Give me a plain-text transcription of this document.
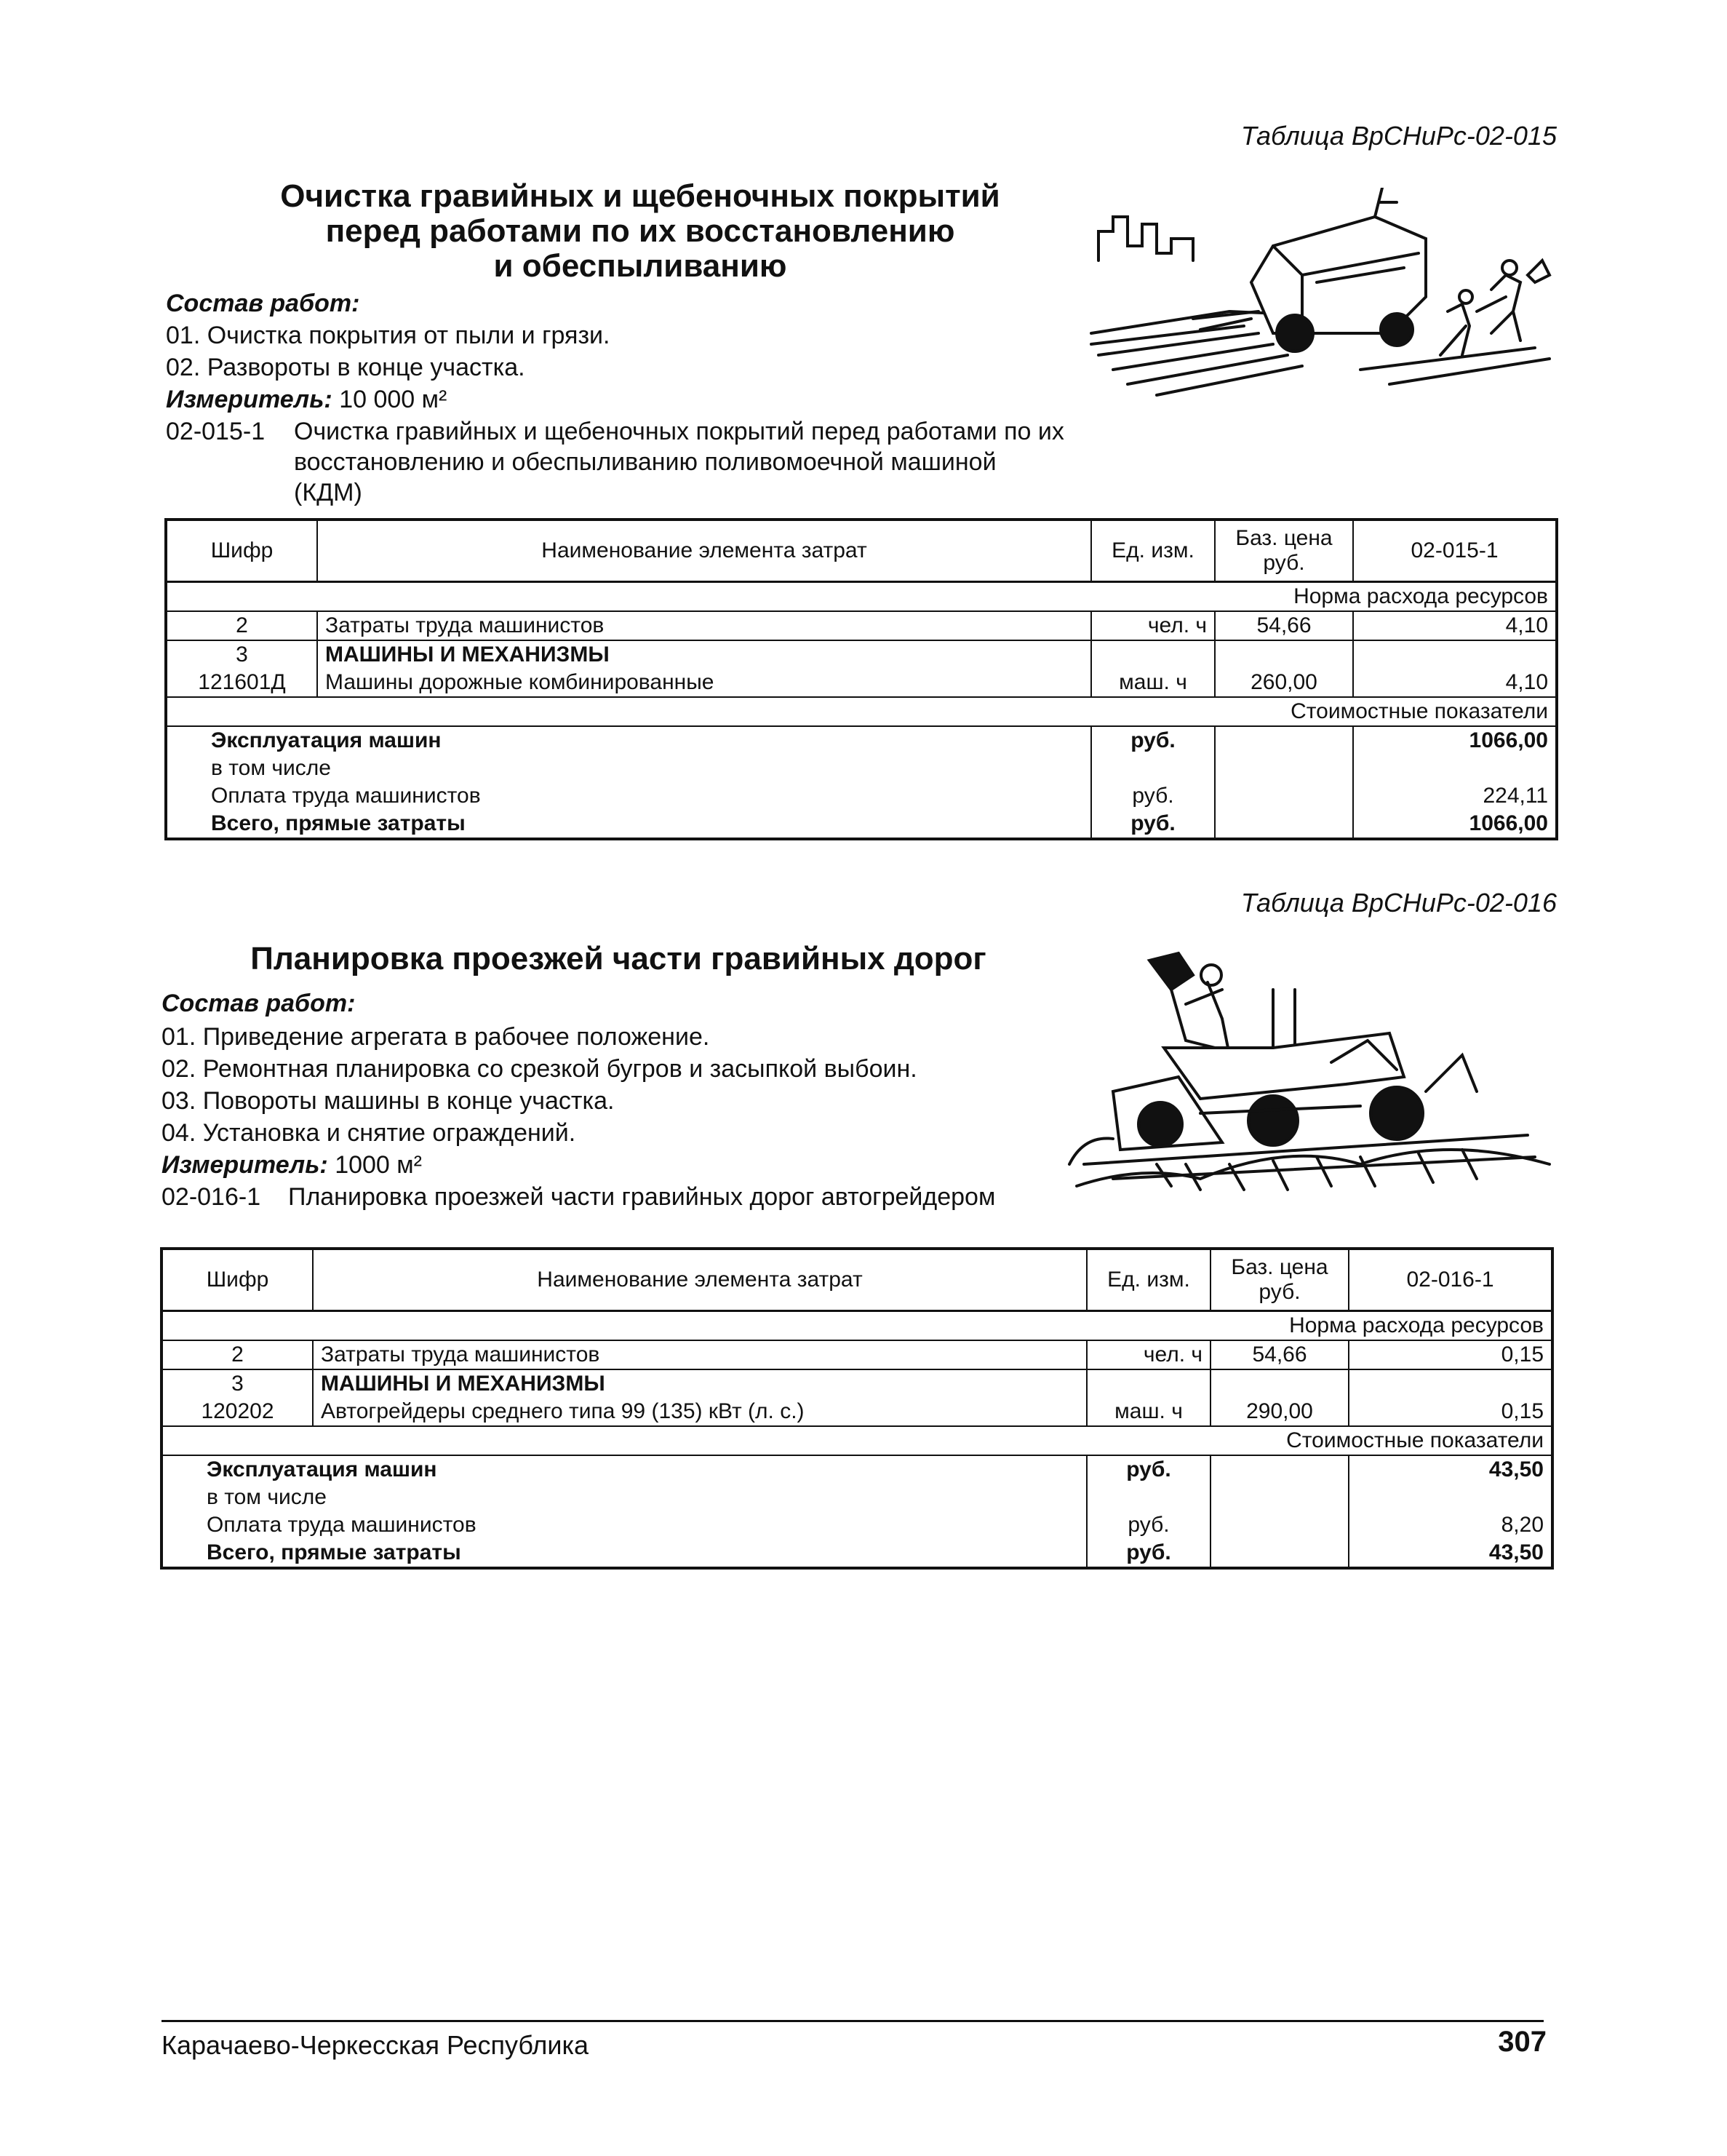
Таблица ВрСНиРс-02-015
Очистка гравийных и щебеночных покрытий
перед работами по их восстановлению
и обеспыливанию
Состав работ:
01. Очистка покрытия от пыли и грязи.
02. Развороты в конце участка.
Измеритель: 10 000 м²
02-015-1 Очистка гравийных и щебеночных покрытий перед работами по их восстановлению и обеспыливанию поливомоечной машиной (КДМ)
Шифр	Наименование элемента затрат	Ед. изм.	Баз. цена руб.	02-015-1
Норма расхода ресурсов				
2	Затраты труда машинистов	чел. ч	54,66	4,10
3	МАШИНЫ И МЕХАНИЗМЫ			
121601Д	Машины дорожные комбинированные	маш. ч	260,00	4,10
Стоимостные показатели				
Эксплуатация машин		руб.		1066,00
в том числе				
Оплата труда машинистов		руб.		224,11
Всего, прямые затраты		руб.		1066,00
Таблица ВрСНиРс-02-016
Планировка проезжей части гравийных дорог
Состав работ:
01. Приведение агрегата в рабочее положение.
02. Ремонтная планировка со срезкой бугров и засыпкой выбоин.
03. Повороты машины в конце участка.
04. Установка и снятие ограждений.
Измеритель: 1000 м²
02-016-1 Планировка проезжей части гравийных дорог автогрейдером
Шифр	Наименование элемента затрат	Ед. изм.	Баз. цена руб.	02-016-1
Норма расхода ресурсов				
2	Затраты труда машинистов	чел. ч	54,66	0,15
3	МАШИНЫ И МЕХАНИЗМЫ			
120202	Автогрейдеры среднего типа 99 (135) кВт (л. с.)	маш. ч	290,00	0,15
Стоимостные показатели				
Эксплуатация машин		руб.		43,50
в том числе				
Оплата труда машинистов		руб.		8,20
Всего, прямые затраты		руб.		43,50
Карачаево-Черкесская Республика	307
